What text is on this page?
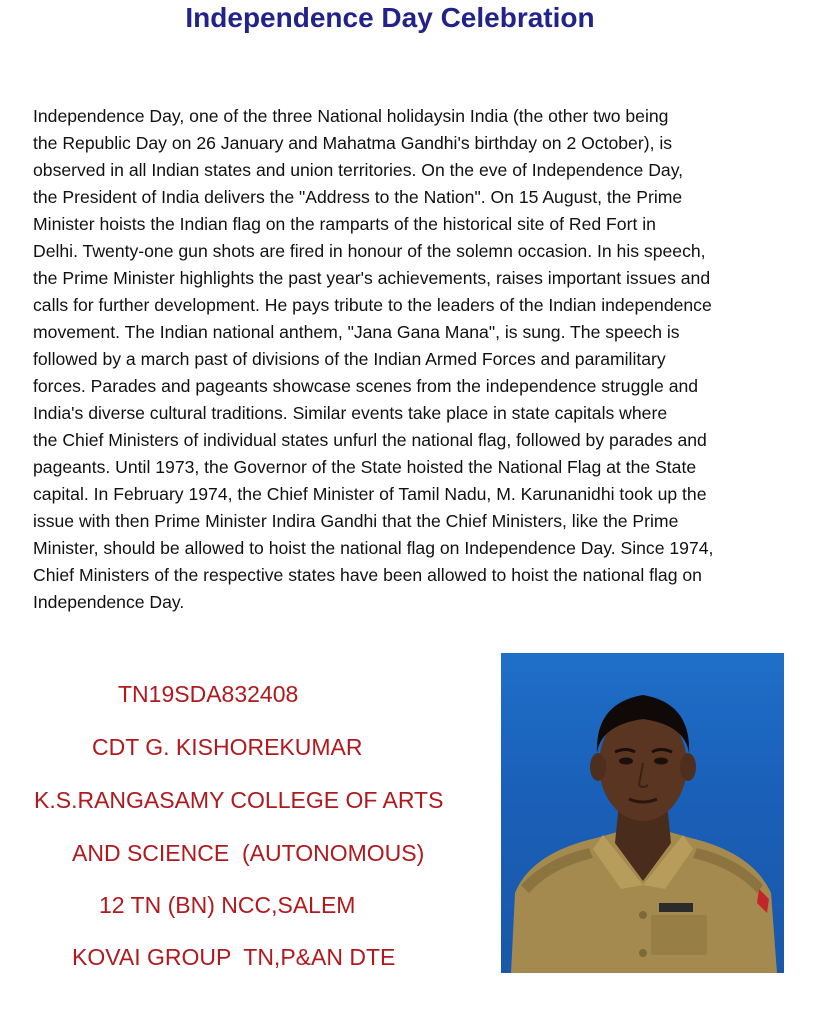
Independence Day Celebration
Independence Day, one of the three National holidaysin India (the other two being
the Republic Day on 26 January and Mahatma Gandhi's birthday on 2 October), is
observed in all Indian states and union territories. On the eve of Independence Day,
the President of India delivers the "Address to the Nation". On 15 August, the Prime
Minister hoists the Indian flag on the ramparts of the historical site of Red Fort in
Delhi. Twenty-one gun shots are fired in honour of the solemn occasion. In his speech,
the Prime Minister highlights the past year's achievements, raises important issues and
calls for further development. He pays tribute to the leaders of the Indian independence
movement. The Indian national anthem, "Jana Gana Mana", is sung. The speech is
followed by a march past of divisions of the Indian Armed Forces and paramilitary
forces. Parades and pageants showcase scenes from the independence struggle and
India's diverse cultural traditions. Similar events take place in state capitals where
the Chief Ministers of individual states unfurl the national flag, followed by parades and
pageants. Until 1973, the Governor of the State hoisted the National Flag at the State
capital. In February 1974, the Chief Minister of Tamil Nadu, M. Karunanidhi took up the
issue with then Prime Minister Indira Gandhi that the Chief Ministers, like the Prime
Minister, should be allowed to hoist the national flag on Independence Day. Since 1974,
Chief Ministers of the respective states have been allowed to hoist the national flag on
Independence Day.
TN19SDA832408
CDT G. KISHOREKUMAR
K.S.RANGASAMY COLLEGE OF ARTS
AND SCIENCE  (AUTONOMOUS)
12 TN (BN) NCC,SALEM
KOVAI GROUP  TN,P&AN DTE
